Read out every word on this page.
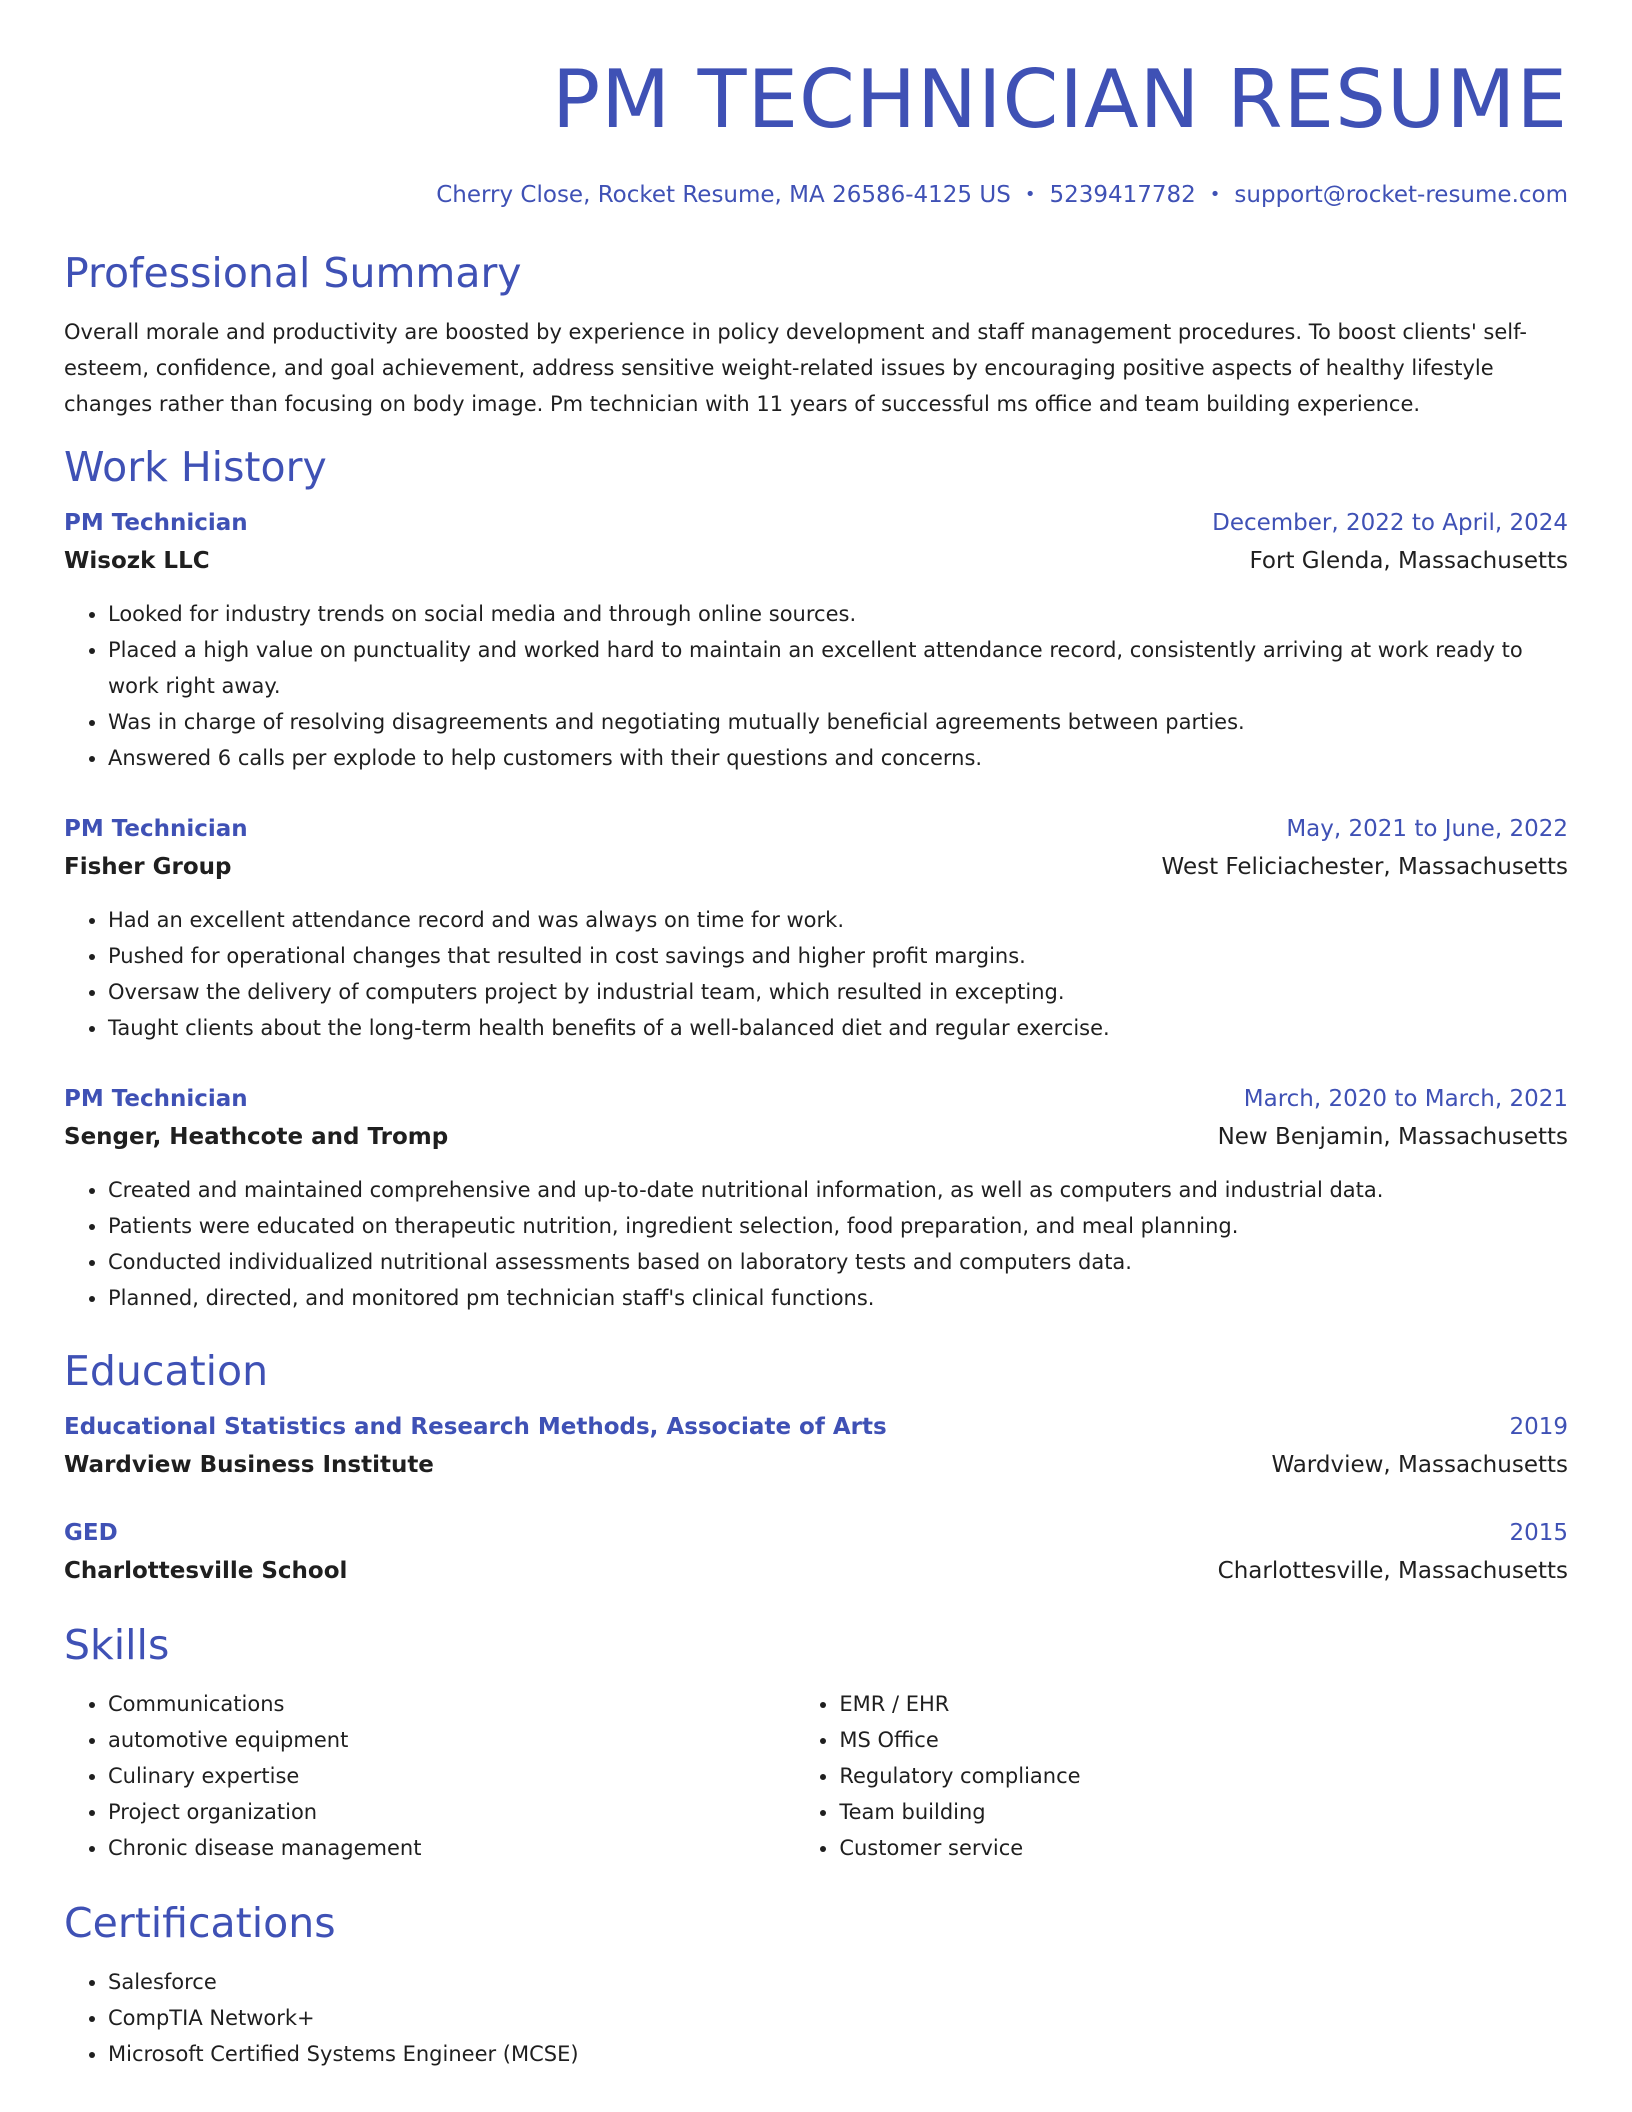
PM TECHNICIAN RESUME
Cherry Close, Rocket Resume, MA 26586-4125 US • 5239417782 • support@rocket-resume.com
Professional Summary
Overall morale and productivity are boosted by experience in policy development and staff management procedures. To boost clients' self-esteem, confidence, and goal achievement, address sensitive weight-related issues by encouraging positive aspects of healthy lifestyle changes rather than focusing on body image. Pm technician with 11 years of successful ms office and team building experience.
Work History
PM Technician	December, 2022 to April, 2024
Wisozk LLC	Fort Glenda, Massachusetts
• Looked for industry trends on social media and through online sources.
• Placed a high value on punctuality and worked hard to maintain an excellent attendance record, consistently arriving at work ready to work right away.
• Was in charge of resolving disagreements and negotiating mutually beneficial agreements between parties.
• Answered 6 calls per explode to help customers with their questions and concerns.
PM Technician	May, 2021 to June, 2022
Fisher Group	West Feliciachester, Massachusetts
• Had an excellent attendance record and was always on time for work.
• Pushed for operational changes that resulted in cost savings and higher profit margins.
• Oversaw the delivery of computers project by industrial team, which resulted in excepting.
• Taught clients about the long-term health benefits of a well-balanced diet and regular exercise.
PM Technician	March, 2020 to March, 2021
Senger, Heathcote and Tromp	New Benjamin, Massachusetts
• Created and maintained comprehensive and up-to-date nutritional information, as well as computers and industrial data.
• Patients were educated on therapeutic nutrition, ingredient selection, food preparation, and meal planning.
• Conducted individualized nutritional assessments based on laboratory tests and computers data.
• Planned, directed, and monitored pm technician staff's clinical functions.
Education
Educational Statistics and Research Methods, Associate of Arts	2019
Wardview Business Institute	Wardview, Massachusetts
GED	2015
Charlottesville School	Charlottesville, Massachusetts
Skills
• Communications
• automotive equipment
• Culinary expertise
• Project organization
• Chronic disease management
• EMR / EHR
• MS Office
• Regulatory compliance
• Team building
• Customer service
Certifications
• Salesforce
• CompTIA Network+
• Microsoft Certified Systems Engineer (MCSE)
